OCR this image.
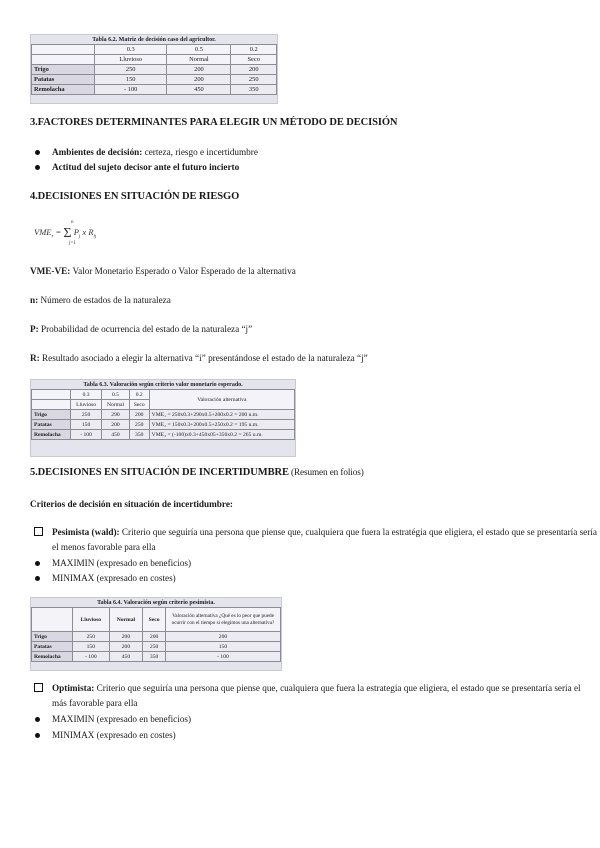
Tabla 6.2. Matriz de decisión caso del agricultor.
	0.3	0.5	0.2
	Lluvioso	Normal	Seco
Trigo	250	200	200
Patatas	150	200	250
Remolacha	- 100	450	350
3.FACTORES DETERMINANTES PARA ELEGIR UN MÉTODO DE DECISIÓN
Ambientes de decisión: certeza, riesgo e incertidumbre
Actitud del sujeto decisor ante el futuro incierto
4.DECISIONES EN SITUACIÓN DE RIESGO
$VME_r = \Sigma$
n
j=1
$P_j$ x $R_{ij}$
VME-VE: Valor Monetario Esperado o Valor Esperado de la alternativa
n: Número de estados de la naturaleza
P: Probabilidad de ocurrencia del estado de la naturaleza “j”
R: Resultado asociado a elegir la alternativa “i” presentándose el estado de la naturaleza “j”
Tabla 6.3. Valoración según criterio valor monetario esperado.
	0.3	0.5	0.2	Valoración alternativa
	Lluvioso	Normal	Seco	
Trigo	250	290	200	VME₁ = 250x0.3+290x0.5+200x0.2 = 200 u.m.
Patatas	150	200	250	VME₂ = 150x0.3+200x0.5+250x0.2 = 195 u.m.
Remolacha	- 100	450	350	VME₃ = (-100)x0.3+450x05+350x0.2 = 265 u.m.
5.DECISIONES EN SITUACIÓN DE INCERTIDUMBRE (Resumen en folios)
Criterios de decisión en situación de incertidumbre:
Pesimista (wald): Criterio que seguiría una persona que piense que, cualquiera que fuera la estratégia que eligiera, el estado que se presentaría sería el menos favorable para ella
MAXIMIN (expresado en beneficios)
MINIMAX (expresado en costes)
Tabla 6.4. Valoración según criterio pesimista.
	Lluvioso	Normal	Seco	Valoración alternativa ¿Qué es lo peor que puede ocurrir con el tiempo si elegimos una alternativa?
Trigo	250	200	200	200
Patatas	150	200	250	150
Remolacha	- 100	450	350	- 100
Optimista: Criterio que seguiría una persona que piense que, cualquiera que fuera la estrategia que eligiera, el estado que se presentaría sería el más favorable para ella
MAXIMIN (expresado en beneficios)
MINIMAX (expresado en costes)
